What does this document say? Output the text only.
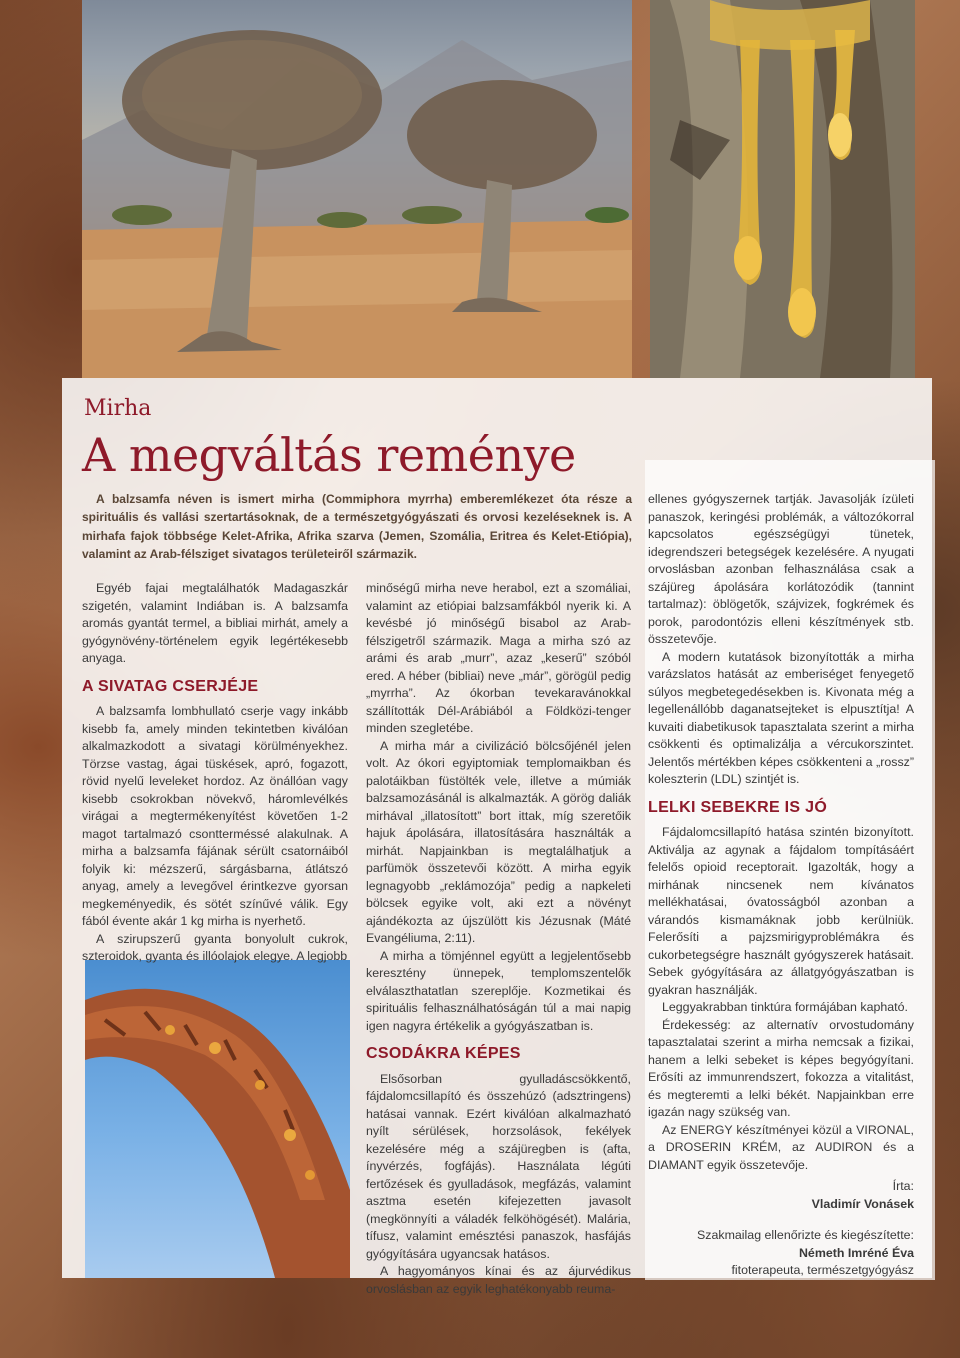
Mirha
A megváltás reménye
A balzsamfa néven is ismert mirha (Commiphora myrrha) emberemlékezet óta része a spirituális és vallási szertartásoknak, de a természetgyógyászati és orvosi kezeléseknek is. A mirhafa fajok többsége Kelet-Afrika, Afrika szarva (Jemen, Szomália, Eritrea és Kelet-Etiópia), valamint az Arab-félsziget sivatagos területeiről származik.

Egyéb fajai megtalálhatók Madagaszkár szigetén, valamint Indiában is. A balzsamfa aromás gyantát termel, a bibliai mirhát, amely a gyógynövény-történelem egyik legértékesebb anyaga.

A SIVATAG CSERJÉJE

A balzsamfa lombhullató cserje vagy inkább kisebb fa, amely minden tekintetben kiválóan alkalmazkodott a sivatagi körülményekhez. Törzse vastag, ágai tüskések, apró, fogazott, rövid nyelű leveleket hordoz. Az önállóan vagy kisebb csokrokban növekvő, háromlevélkés virágai a megtermékenyítést követően 1-2 magot tartalmazó csontterméssé alakulnak. A mirha a balzsamfa fájának sérült csatornáiból folyik ki: mézszerű, sárgásbarna, átlátszó anyag, amely a levegővel érintkezve gyorsan megkeményedik, és sötét színűvé válik. Egy fából évente akár 1 kg mirha is nyerhető.

A szirupszerű gyanta bonyolult cukrok, szteroidok, gyanta és illóolajok elegye. A legjobb

minőségű mirha neve herabol, ezt a szomáliai, valamint az etiópiai balzsamfákból nyerik ki. A kevésbé jó minőségű bisabol az Arab-félszigetről származik. Maga a mirha szó az arámi és arab „murr”, azaz „keserű” szóból ered. A héber (bibliai) neve „már”, görögül pedig „myrrha”. Az ókorban tevekaravánokkal szállították Dél-Arábiából a Földközi-tenger minden szegletébe.

A mirha már a civilizáció bölcsőjénél jelen volt. Az ókori egyiptomiak templomaikban és palotáikban füstölték vele, illetve a múmiák balzsamozásánál is alkalmazták. A görög daliák mirhával „illatosított” bort ittak, míg szeretőik hajuk ápolására, illatosítására használták a mirhát. Napjainkban is megtalálhatjuk a parfümök összetevői között. A mirha egyik legnagyobb „reklámozója” pedig a napkeleti bölcsek egyike volt, aki ezt a növényt ajándékozta az újszülött kis Jézusnak (Máté Evangéliuma, 2:11).

A mirha a tömjénnel együtt a legjelentősebb keresztény ünnepek, templomszentelők elválaszthatatlan szereplője. Kozmetikai és spirituális felhasználhatóságán túl a mai napig igen nagyra értékelik a gyógyászatban is.

CSODÁKRA KÉPES

Elsősorban gyulladáscsökkentő, fájdalomcsillapító és összehúzó (adsztringens) hatásai vannak. Ezért kiválóan alkalmazható nyílt sérülések, horzsolások, fekélyek kezelésére még a szájüregben is (afta, ínyvérzés, fogfájás). Használata légúti fertőzések és gyulladások, megfázás, valamint asztma esetén kifejezetten javasolt (megkönnyíti a váladék felköhögését). Malária, tífusz, valamint emésztési panaszok, hasfájás gyógyítására ugyancsak hatásos.

A hagyományos kínai és az ájurvédikus orvoslásban az egyik leghatékonyabb reuma-

ellenes gyógyszernek tartják. Javasolják ízületi panaszok, keringési problémák, a változókorral kapcsolatos egészségügyi tünetek, idegrendszeri betegségek kezelésére. A nyugati orvoslásban azonban felhasználása csak a szájüreg ápolására korlátozódik (tannint tartalmaz): öblögetők, szájvizek, fogkrémek és porok, parodontózis elleni készítmények stb. összetevője.

A modern kutatások bizonyították a mirha varázslatos hatását az emberiséget fenyegető súlyos megbetegedésekben is. Kivonata még a legellenállóbb daganatsejteket is elpusztítja! A kuvaiti diabetikusok tapasztalata szerint a mirha csökkenti és optimalizálja a vércukorszintet. Jelentős mértékben képes csökkenteni a „rossz” koleszterin (LDL) szintjét is.

LELKI SEBEKRE IS JÓ

Fájdalomcsillapító hatása szintén bizonyított. Aktiválja az agynak a fájdalom tompításáért felelős opioid receptorait. Igazolták, hogy a mirhának nincsenek nem kívánatos mellékhatásai, óvatosságból azonban a várandós kismamáknak jobb kerülniük. Felerősíti a pajzsmirigyproblémákra és cukorbetegségre használt gyógyszerek hatásait. Sebek gyógyítására az állatgyógyászatban is gyakran használják.

Leggyakrabban tinktúra formájában kapható.

Érdekesség: az alternatív orvostudomány tapasztalatai szerint a mirha nemcsak a fizikai, hanem a lelki sebeket is képes begyógyítani. Erősíti az immunrendszert, fokozza a vitalitást, és megteremti a lelki békét. Napjainkban erre igazán nagy szükség van.

Az ENERGY készítményei közül a VIRONAL, a DROSERIN KRÉM, az AUDIRON és a DIAMANT egyik összetevője.

Írta:

Vladimír Vonásek

Szakmailag ellenőrizte és kiegészítette:

Németh Imréné Éva

fitoterapeuta, természetgyógyász
